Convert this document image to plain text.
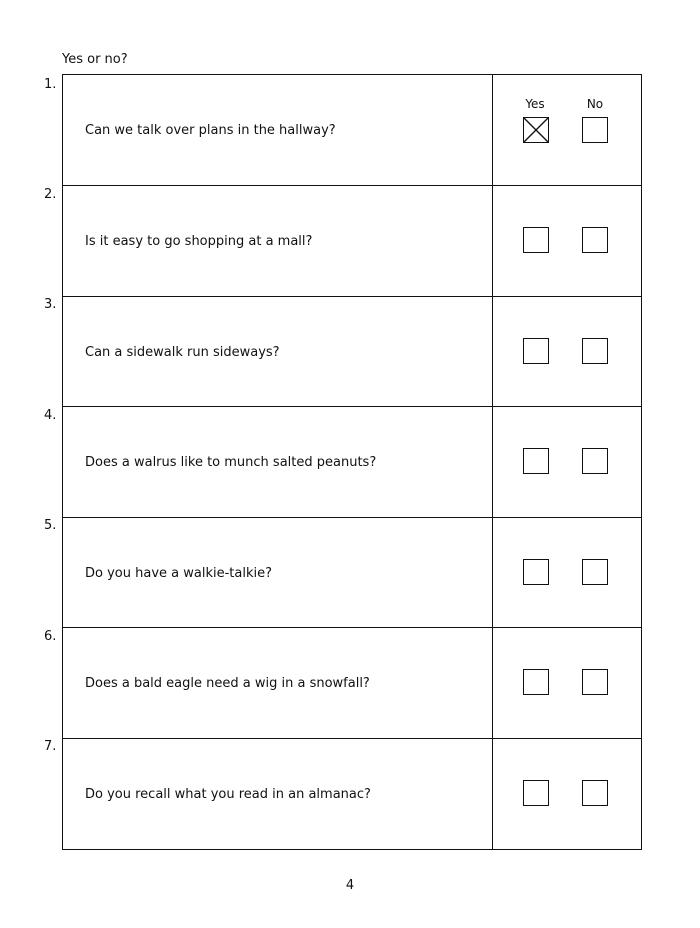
Yes or no?
1.
2.
3.
4.
5.
6.
7.
Yes	No
Can we talk over plans in the hallway?
Is it easy to go shopping at a mall?
Can a sidewalk run sideways?
Does a walrus like to munch salted peanuts?
Do you have a walkie-talkie?
Does a bald eagle need a wig in a snowfall?
Do you recall what you read in an almanac?
4
